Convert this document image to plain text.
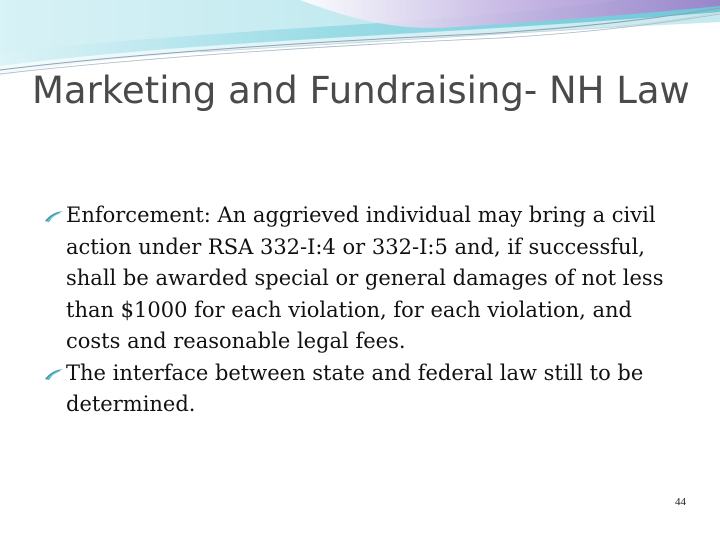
Marketing and Fundraising- NH Law

Enforcement: An aggrieved individual may bring a civil action under RSA 332-I:4 or 332-I:5 and, if successful, shall be awarded special or general damages of not less than $1000 for each violation, for each violation, and costs and reasonable legal fees.

The interface between state and federal law still to be determined.

44
